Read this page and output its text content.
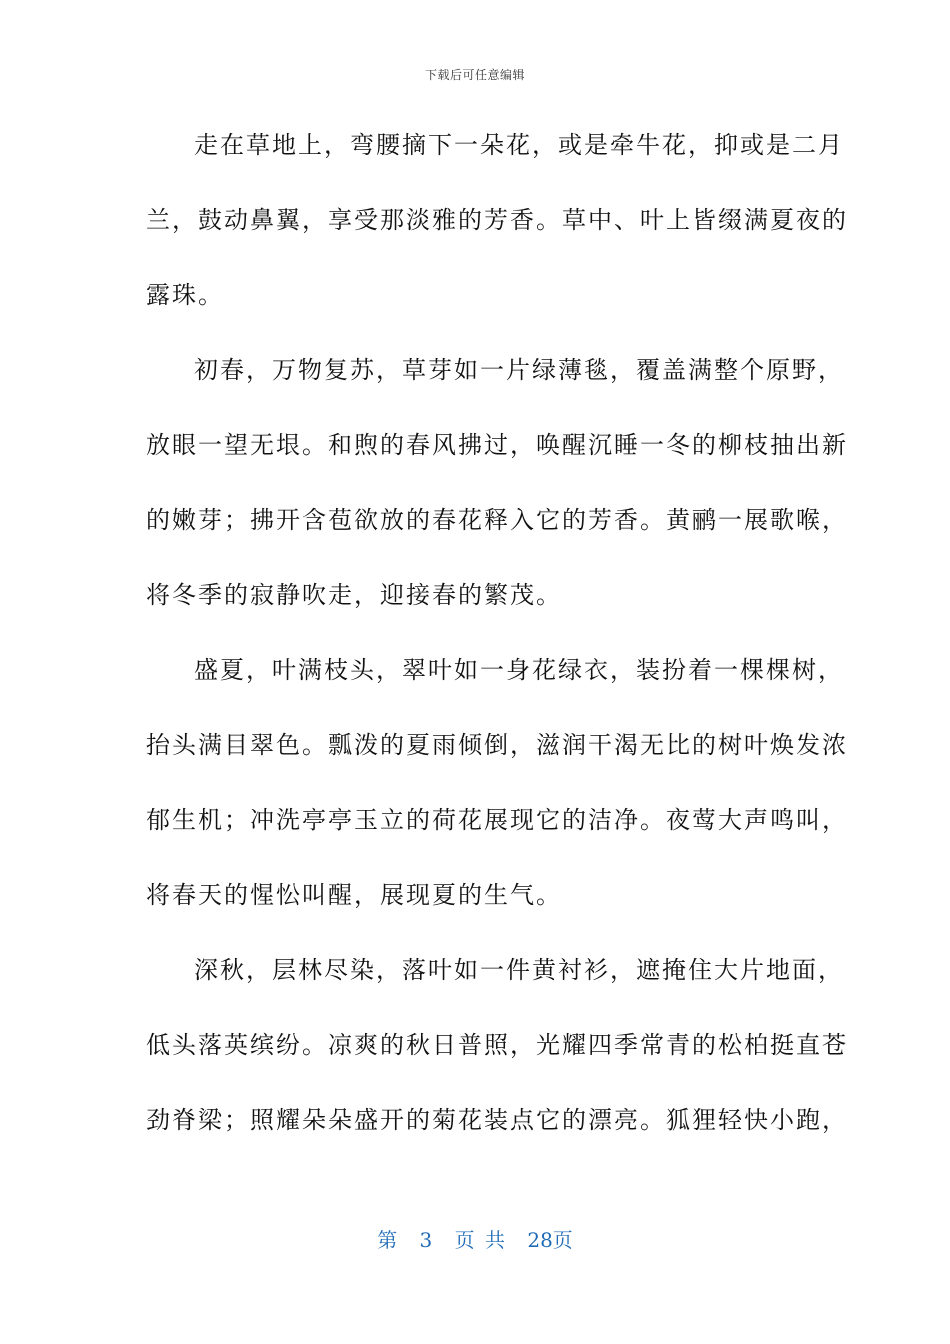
下载后可任意编辑
走在草地上，弯腰摘下一朵花，或是牵牛花，抑或是二月
兰，鼓动鼻翼，享受那淡雅的芳香。草中、叶上皆缀满夏夜的
露珠。
初春，万物复苏，草芽如一片绿薄毯，覆盖满整个原野，
放眼一望无垠。和煦的春风拂过，唤醒沉睡一冬的柳枝抽出新
的嫩芽；拂开含苞欲放的春花释入它的芳香。黄鹂一展歌喉，
将冬季的寂静吹走，迎接春的繁茂。
盛夏，叶满枝头，翠叶如一身花绿衣，装扮着一棵棵树，
抬头满目翠色。瓢泼的夏雨倾倒，滋润干渴无比的树叶焕发浓
郁生机；冲洗亭亭玉立的荷花展现它的洁净。夜莺大声鸣叫，
将春天的惺忪叫醒，展现夏的生气。
深秋，层林尽染，落叶如一件黄衬衫，遮掩住大片地面，
低头落英缤纷。凉爽的秋日普照，光耀四季常青的松柏挺直苍
劲脊梁；照耀朵朵盛开的菊花装点它的漂亮。狐狸轻快小跑，
第 3 页 共 28页
